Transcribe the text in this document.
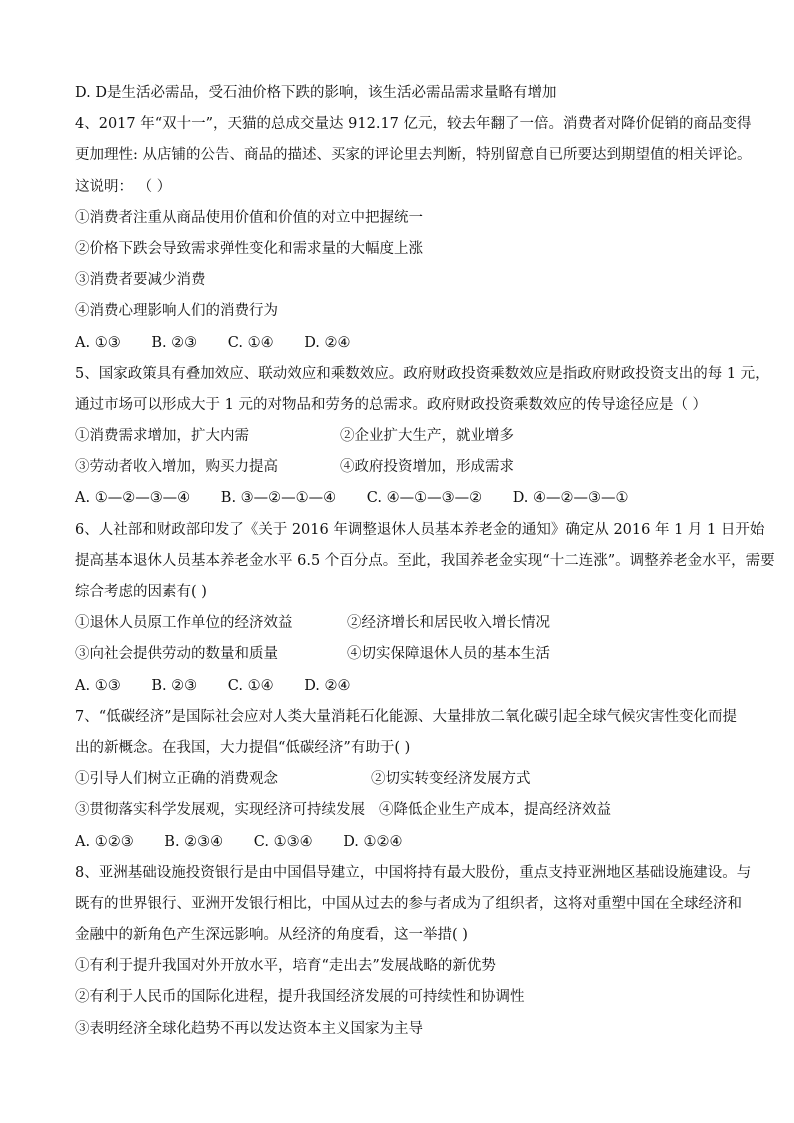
D. D是生活必需品，受石油价格下跌的影响，该生活必需品需求量略有增加
4、2017 年“双十一”，天猫的总成交量达 912.17 亿元，较去年翻了一倍。消费者对降价促销的商品变得
更加理性: 从店铺的公告、商品的描述、买家的评论里去判断，特别留意自已所要达到期望值的相关评论。
这说明： （ ）
①消费者注重从商品使用价值和价值的对立中把握统一
②价格下跌会导致需求弹性变化和需求量的大幅度上涨
③消费者要减少消费
④消费心理影响人们的消费行为
A. ①③ B. ②③ C. ①④ D. ②④
5、国家政策具有叠加效应、联动效应和乘数效应。政府财政投资乘数效应是指政府财政投资支出的每 1 元，
通过市场可以形成大于 1 元的对物品和劳务的总需求。政府财政投资乘数效应的传导途径应是（ ）
①消费需求增加，扩大内需	②企业扩大生产，就业增多
③劳动者收入增加，购买力提高	④政府投资增加，形成需求
A. ①—②—③—④ B. ③—②—①—④ C. ④—①—③—② D. ④—②—③—①
6、人社部和财政部印发了《关于 2016 年调整退休人员基本养老金的通知》确定从 2016 年 1 月 1 日开始
提高基本退休人员基本养老金水平 6.5 个百分点。至此，我国养老金实现“十二连涨”。调整养老金水平，需要
综合考虑的因素有( )
①退休人员原工作单位的经济效益	②经济增长和居民收入增长情况
③向社会提供劳动的数量和质量	④切实保障退休人员的基本生活
A. ①③ B. ②③ C. ①④ D. ②④
7、“低碳经济”是国际社会应对人类大量消耗石化能源、大量排放二氧化碳引起全球气候灾害性变化而提
出的新概念。在我国，大力提倡“低碳经济”有助于( )
①引导人们树立正确的消费观念	②切实转变经济发展方式
③贯彻落实科学发展观，实现经济可持续发展 ④降低企业生产成本，提高经济效益
A. ①②③ B. ②③④ C. ①③④ D. ①②④
8、亚洲基础设施投资银行是由中国倡导建立，中国将持有最大股份，重点支持亚洲地区基础设施建设。与
既有的世界银行、亚洲开发银行相比，中国从过去的参与者成为了组织者，这将对重塑中国在全球经济和
金融中的新角色产生深远影响。从经济的角度看，这一举措( )
①有利于提升我国对外开放水平，培育“走出去”发展战略的新优势
②有利于人民币的国际化进程，提升我国经济发展的可持续性和协调性
③表明经济全球化趋势不再以发达资本主义国家为主导
